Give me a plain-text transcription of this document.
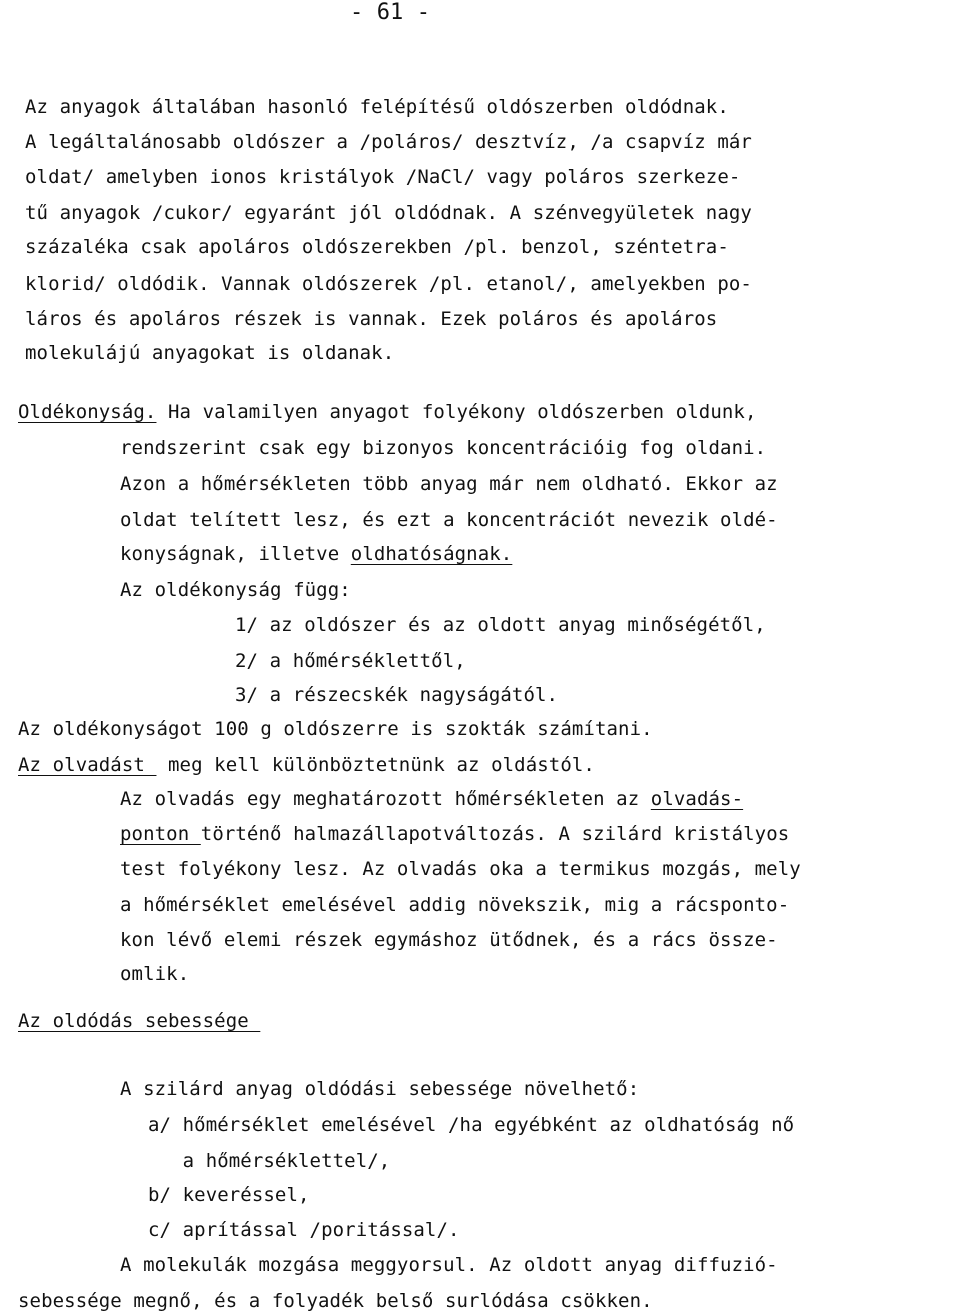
- 61 -
Az anyagok általában hasonló felépítésű oldószerben oldódnak.
A legáltalánosabb oldószer a /poláros/ desztvíz, /a csapvíz már
oldat/ amelyben ionos kristályok /NaCl/ vagy poláros szerkeze-
tű anyagok /cukor/ egyaránt jól oldódnak. A szénvegyületek nagy
százaléka csak apoláros oldószerekben /pl. benzol, széntetra-
klorid/ oldódik. Vannak oldószerek /pl. etanol/, amelyekben po-
láros és apoláros részek is vannak. Ezek poláros és apoláros
molekulájú anyagokat is oldanak.
Oldékonyság. Ha valamilyen anyagot folyékony oldószerben oldunk,
rendszerint csak egy bizonyos koncentrációig fog oldani.
Azon a hőmérsékleten több anyag már nem oldható. Ekkor az
oldat telített lesz, és ezt a koncentrációt nevezik oldé-
konyságnak, illetve oldhatóságnak.
Az oldékonyság függ:
1/ az oldószer és az oldott anyag minőségétől,
2/ a hőmérséklettől,
3/ a részecskék nagyságától.
Az oldékonyságot 100 g oldószerre is szokták számítani.
Az olvadást  meg kell különböztetnünk az oldástól.
Az olvadás egy meghatározott hőmérsékleten az olvadás-
ponton történő halmazállapotváltozás. A szilárd kristályos
test folyékony lesz. Az olvadás oka a termikus mozgás, mely
a hőmérséklet emelésével addig növekszik, mig a rácsponto-
kon lévő elemi részek egymáshoz ütődnek, és a rács össze-
omlik.
Az oldódás sebessége
A szilárd anyag oldódási sebessége növelhető:
a/ hőmérséklet emelésével /ha egyébként az oldhatóság nő
a hőmérséklettel/,
b/ keveréssel,
c/ aprítással /poritással/.
A molekulák mozgása meggyorsul. Az oldott anyag diffuzió-
sebessége megnő, és a folyadék belső surlódása csökken.
